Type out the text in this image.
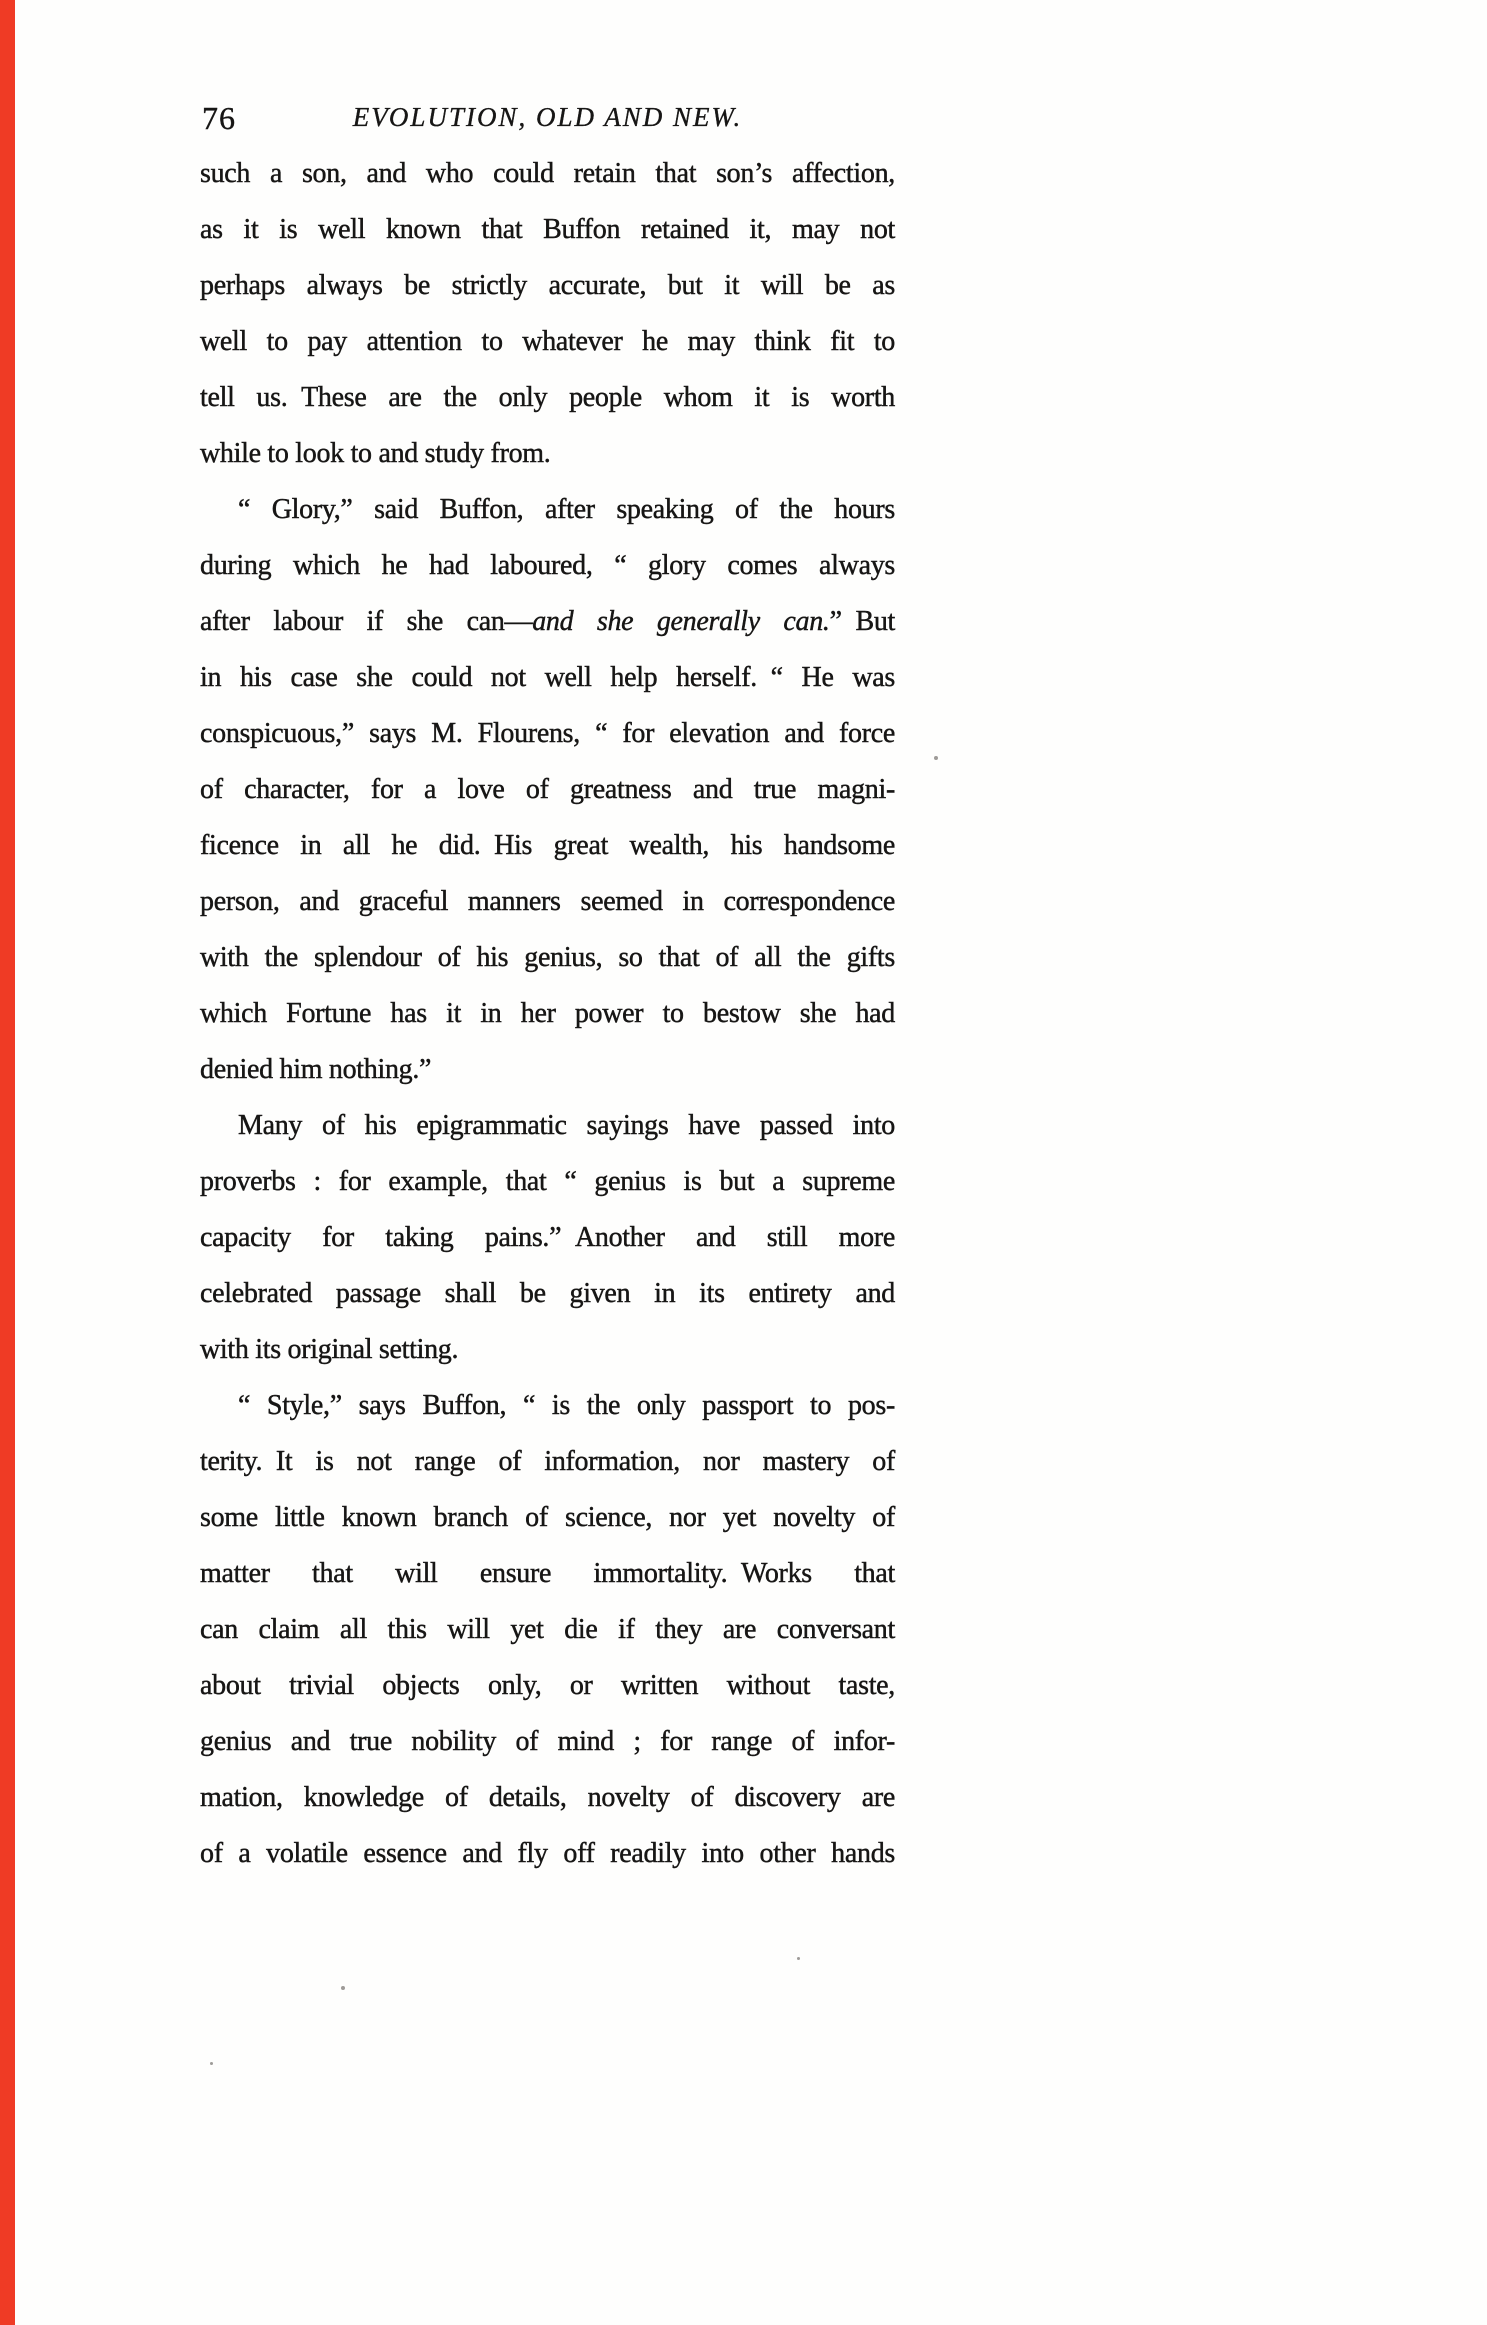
76	EVOLUTION, OLD AND NEW.
such a son, and who could retain that son’s affection,
as it is well known that Buffon retained it, may not
perhaps always be strictly accurate, but it will be as
well to pay attention to whatever he may think fit to
tell us. These are the only people whom it is worth
while to look to and study from.
“ Glory,” said Buffon, after speaking of the hours
during which he had laboured, “ glory comes always
after labour if she can—and she generally can.” But
in his case she could not well help herself. “ He was
conspicuous,” says M. Flourens, “ for elevation and force
of character, for a love of greatness and true magni-
ficence in all he did. His great wealth, his handsome
person, and graceful manners seemed in correspondence
with the splendour of his genius, so that of all the gifts
which Fortune has it in her power to bestow she had
denied him nothing.”
Many of his epigrammatic sayings have passed into
proverbs : for example, that “ genius is but a supreme
capacity for taking pains.” Another and still more
celebrated passage shall be given in its entirety and
with its original setting.
“ Style,” says Buffon, “ is the only passport to pos-
terity. It is not range of information, nor mastery of
some little known branch of science, nor yet novelty of
matter that will ensure immortality. Works that
can claim all this will yet die if they are conversant
about trivial objects only, or written without taste,
genius and true nobility of mind ; for range of infor-
mation, knowledge of details, novelty of discovery are
of a volatile essence and fly off readily into other hands
